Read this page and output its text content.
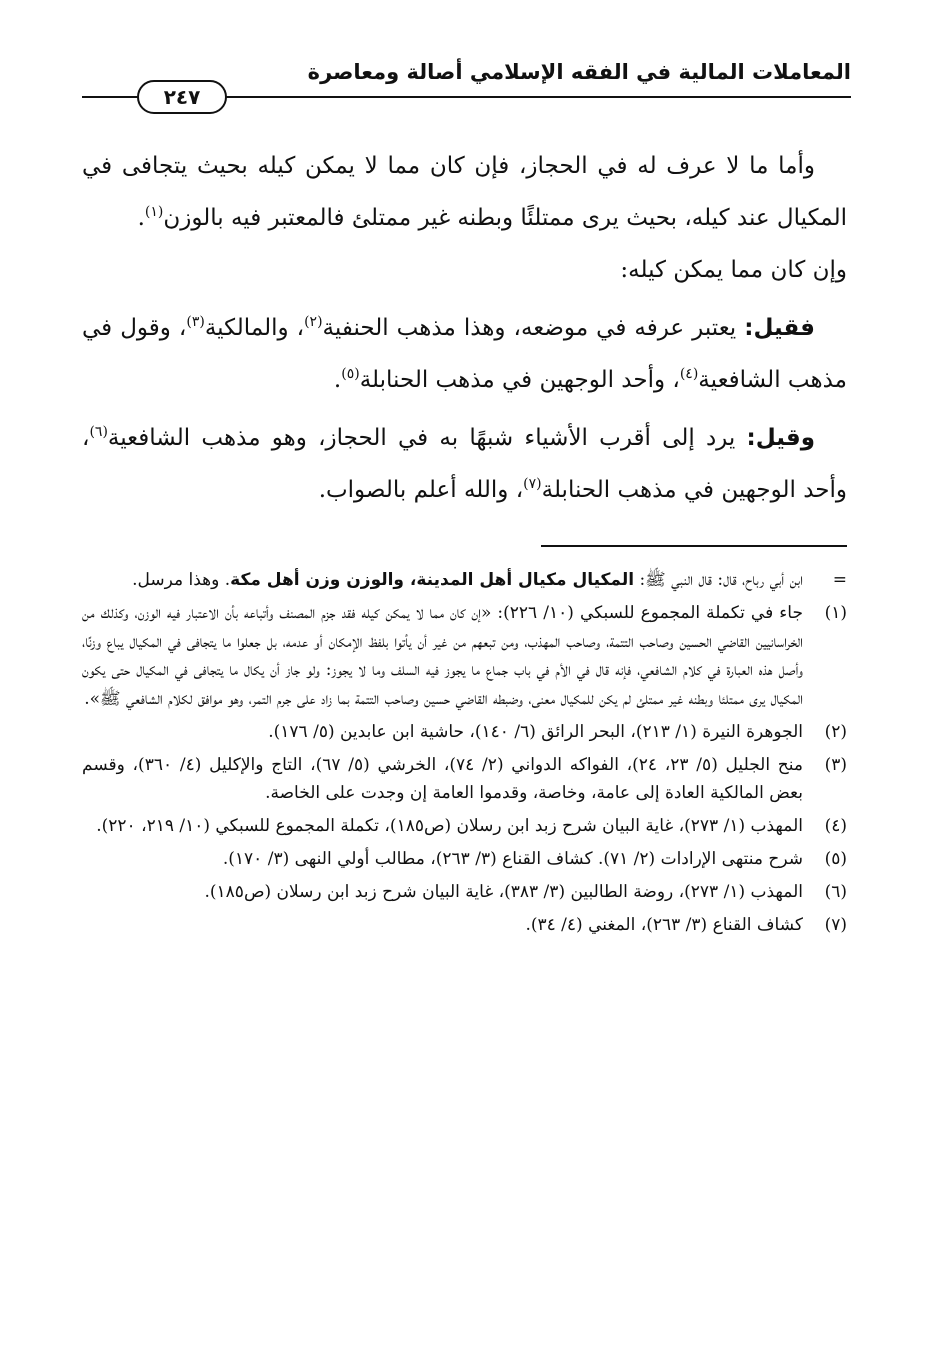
المعاملات المالية في الفقه الإسلامي أصالة ومعاصرة
٢٤٧

وأما ما لا عرف له في الحجاز، فإن كان مما لا يمكن كيله بحيث يتجافى في المكيال عند كيله، بحيث يرى ممتلئًا وبطنه غير ممتلئ فالمعتبر فيه بالوزن$^{(١)}$.

وإن كان مما يمكن كيله:

فقيل: يعتبر عرفه في موضعه، وهذا مذهب الحنفية$^{(٢)}$، والمالكية$^{(٣)}$، وقول في مذهب الشافعية$^{(٤)}$، وأحد الوجهين في مذهب الحنابلة$^{(٥)}$.

وقيل: يرد إلى أقرب الأشياء شبهًا به في الحجاز، وهو مذهب الشافعية$^{(٦)}$، وأحد الوجهين في مذهب الحنابلة$^{(٧)}$، والله أعلم بالصواب.

=
ابن أبي رباح، قال: قال النبي ﷺ: المكيال مكيال أهل المدينة، والوزن وزن أهل مكة. وهذا مرسل.
(١)
جاء في تكملة المجموع للسبكي (١٠/ ٢٢٦): «إن كان مما لا يمكن كيله فقد جزم المصنف وأتباعه بأن الاعتبار فيه الوزن، وكذلك من الخراسانيين القاضي الحسين وصاحب التتمة، وصاحب المهذب، ومن تبعهم من غير أن يأتوا بلفظ الإمكان أو عدمه، بل جعلوا ما يتجافى في المكيال يباع وزنًا، وأصل هذه العبارة في كلام الشافعي، فإنه قال في الأم في باب جماع ما يجوز فيه السلف وما لا يجوز: ولو جاز أن يكال ما يتجافى في المكيال حتى يكون المكيال يرى ممتلئا وبطنه غير ممتلئ لم يكن للمكيال معنى، وضبطه القاضي حسين وصاحب التتمة بما زاد على جرم التمر، وهو موافق لكلام الشافعي ﷺ».
(٢)
الجوهرة النيرة (١/ ٢١٣)، البحر الرائق (٦/ ١٤٠)، حاشية ابن عابدين (٥/ ١٧٦).
(٣)
منح الجليل (٥/ ٢٣، ٢٤)، الفواكه الدواني (٢/ ٧٤)، الخرشي (٥/ ٦٧)، التاج والإكليل (٤/ ٣٦٠)، وقسم بعض المالكية العادة إلى عامة، وخاصة، وقدموا العامة إن وجدت على الخاصة.
(٤)
المهذب (١/ ٢٧٣)، غاية البيان شرح زبد ابن رسلان (ص١٨٥)، تكملة المجموع للسبكي (١٠/ ٢١٩، ٢٢٠).
(٥)
شرح منتهى الإرادات (٢/ ٧١). كشاف القناع (٣/ ٢٦٣)، مطالب أولي النهى (٣/ ١٧٠).
(٦)
المهذب (١/ ٢٧٣)، روضة الطالبين (٣/ ٣٨٣)، غاية البيان شرح زبد ابن رسلان (ص١٨٥).
(٧)
كشاف القناع (٣/ ٢٦٣)، المغني (٤/ ٣٤).
